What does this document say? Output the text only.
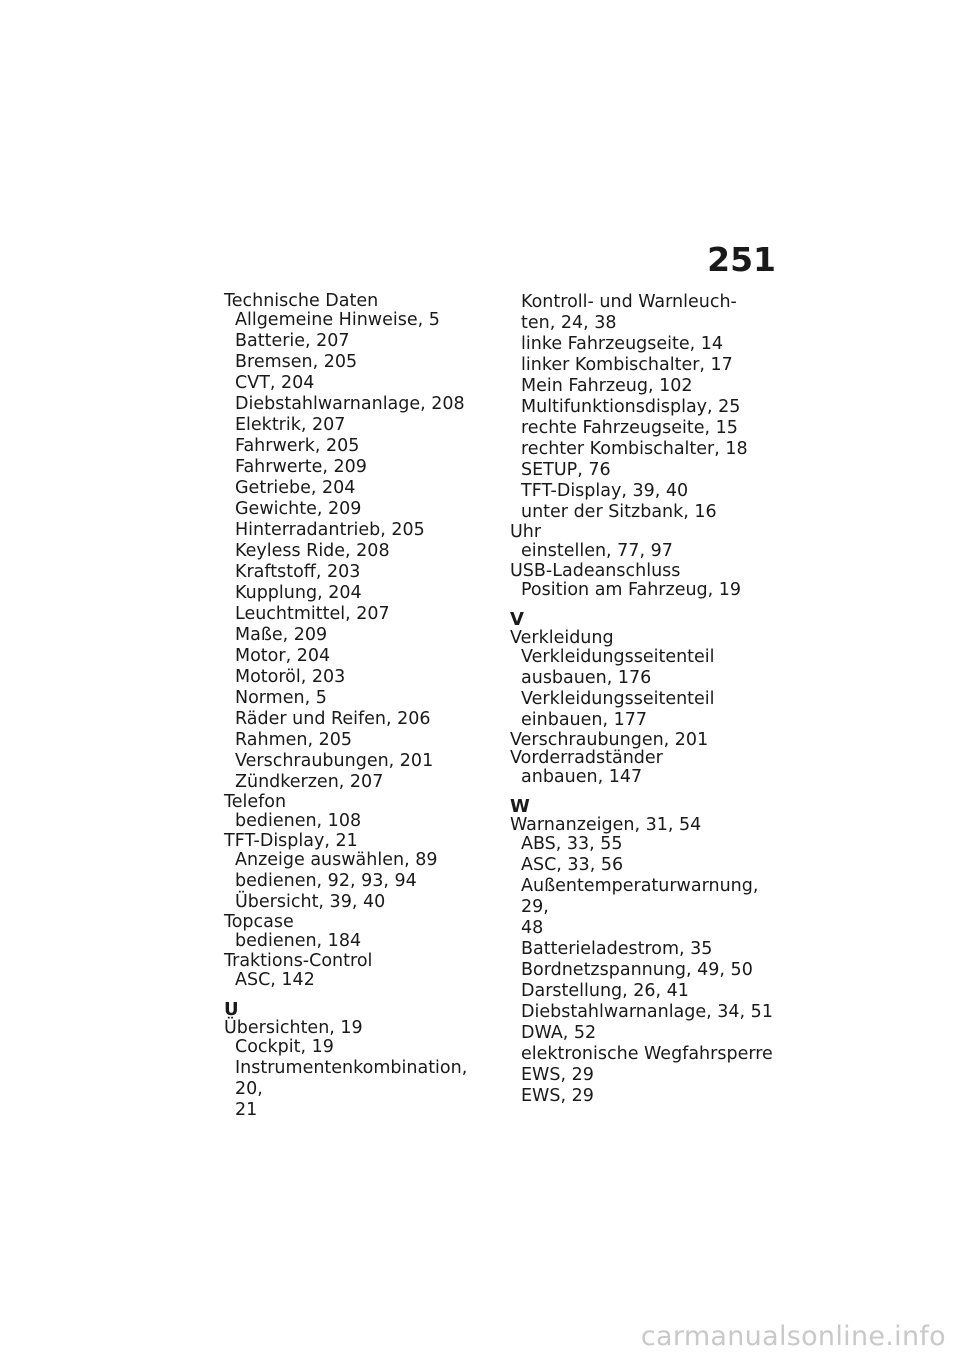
251
Technische Daten
Allgemeine Hinweise, 5
Batterie, 207
Bremsen, 205
CVT, 204
Diebstahlwarnanlage, 208
Elektrik, 207
Fahrwerk, 205
Fahrwerte, 209
Getriebe, 204
Gewichte, 209
Hinterradantrieb, 205
Keyless Ride, 208
Kraftstoff, 203
Kupplung, 204
Leuchtmittel, 207
Maße, 209
Motor, 204
Motoröl, 203
Normen, 5
Räder und Reifen, 206
Rahmen, 205
Verschraubungen, 201
Zündkerzen, 207
Telefon
bedienen, 108
TFT-Display, 21
Anzeige auswählen, 89
bedienen, 92, 93, 94
Übersicht, 39, 40
Topcase
bedienen, 184
Traktions-Control
ASC, 142
U
Übersichten, 19
Cockpit, 19
Instrumentenkombination, 20,
21
Kontroll- und Warnleuch-
ten, 24, 38
linke Fahrzeugseite, 14
linker Kombischalter, 17
Mein Fahrzeug, 102
Multifunktionsdisplay, 25
rechte Fahrzeugseite, 15
rechter Kombischalter, 18
SETUP, 76
TFT-Display, 39, 40
unter der Sitzbank, 16
Uhr
einstellen, 77, 97
USB-Ladeanschluss
Position am Fahrzeug, 19
V
Verkleidung
Verkleidungsseitenteil
ausbauen, 176
Verkleidungsseitenteil
einbauen, 177
Verschraubungen, 201
Vorderradständer
anbauen, 147
W
Warnanzeigen, 31, 54
ABS, 33, 55
ASC, 33, 56
Außentemperaturwarnung, 29,
48
Batterieladestrom, 35
Bordnetzspannung, 49, 50
Darstellung, 26, 41
Diebstahlwarnanlage, 34, 51
DWA, 52
elektronische Wegfahrsperre
EWS, 29
EWS, 29
carmanualsonline.info
